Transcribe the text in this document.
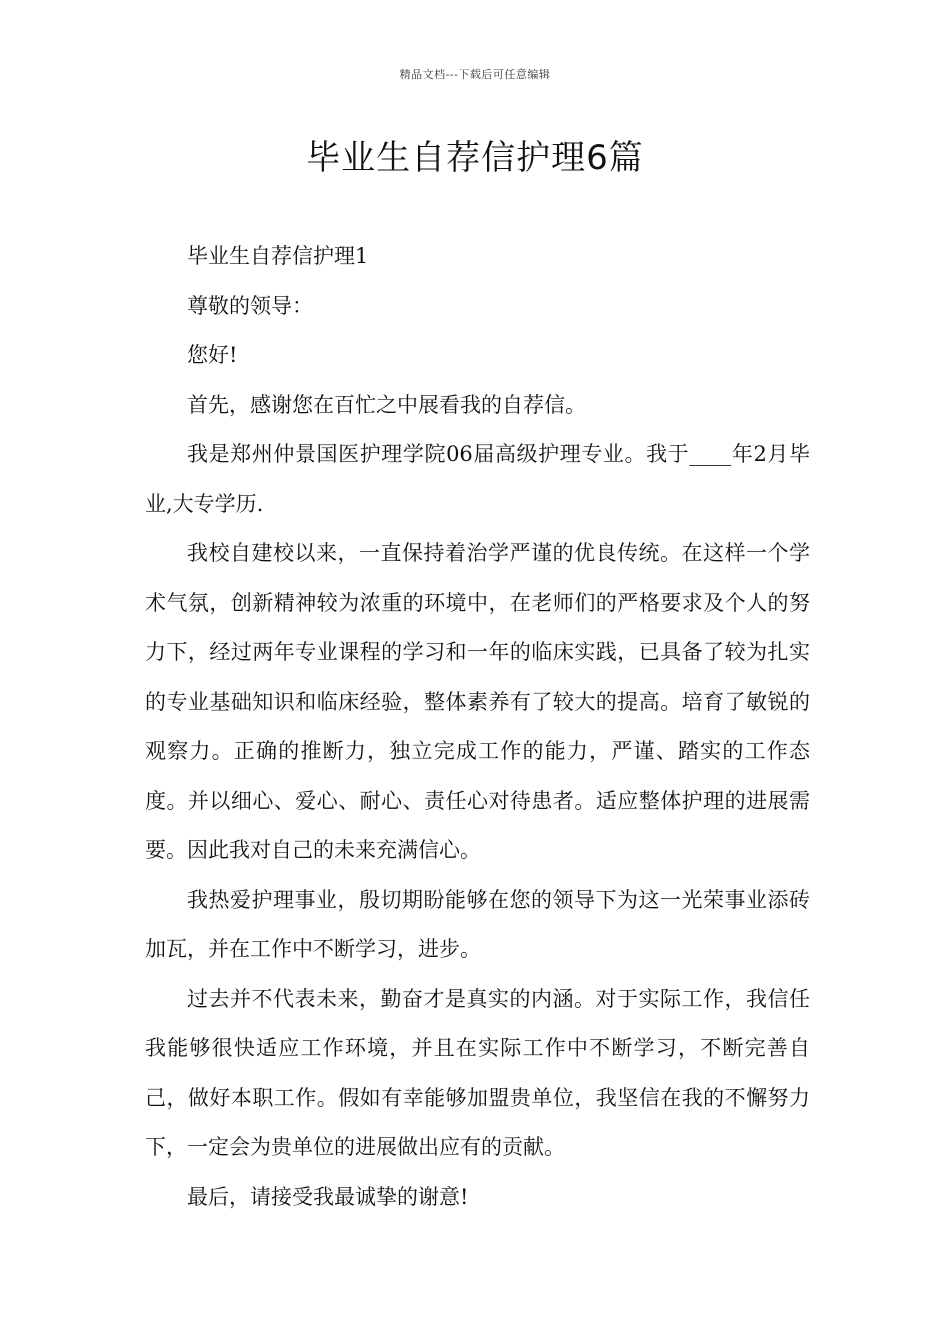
精品文档---下载后可任意编辑
毕业生自荐信护理6篇

毕业生自荐信护理1

尊敬的领导：

您好!

首先，感谢您在百忙之中展看我的自荐信。

我是郑州仲景国医护理学院06届高级护理专业。我于____年2月毕业,大专学历.

我校自建校以来，一直保持着治学严谨的优良传统。在这样一个学术气氛，创新精神较为浓重的环境中，在老师们的严格要求及个人的努力下，经过两年专业课程的学习和一年的临床实践，已具备了较为扎实的专业基础知识和临床经验，整体素养有了较大的提高。培育了敏锐的观察力。正确的推断力，独立完成工作的能力，严谨、踏实的工作态度。并以细心、爱心、耐心、责任心对待患者。适应整体护理的进展需要。因此我对自己的未来充满信心。

我热爱护理事业，殷切期盼能够在您的领导下为这一光荣事业添砖加瓦，并在工作中不断学习，进步。

过去并不代表未来，勤奋才是真实的内涵。对于实际工作，我信任我能够很快适应工作环境，并且在实际工作中不断学习，不断完善自己，做好本职工作。假如有幸能够加盟贵单位，我坚信在我的不懈努力下，一定会为贵单位的进展做出应有的贡献。

最后，请接受我最诚挚的谢意!
